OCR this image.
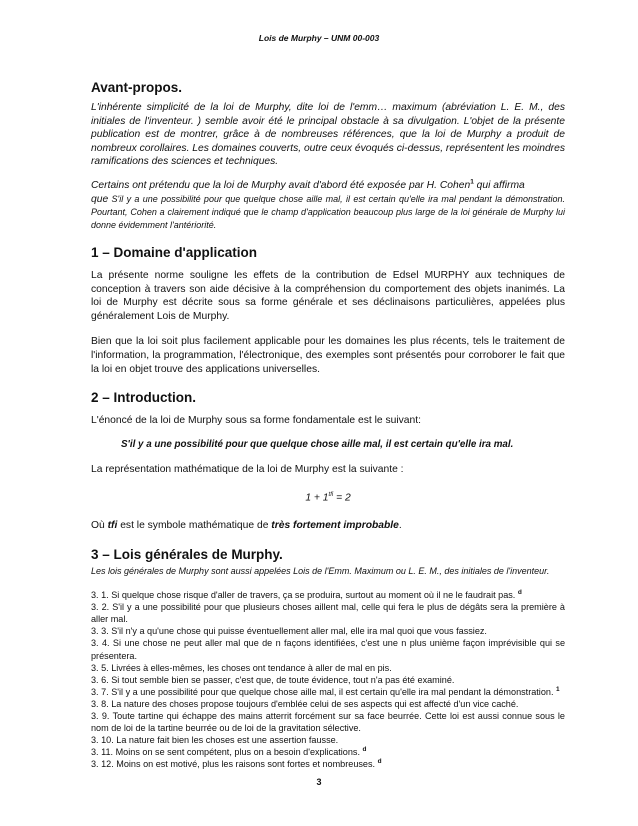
Lois de Murphy – UNM 00-003
Avant-propos.

L'inhérente simplicité de la loi de Murphy, dite loi de l'emm… maximum (abréviation L. E. M., des initiales de l'inventeur. ) semble avoir été le principal obstacle à sa divulgation. L'objet de la présente publication est de montrer, grâce à de nombreuses références, que la loi de Murphy a produit de nombreux corollaires. Les domaines couverts, outre ceux évoqués ci-dessus, représentent les moindres ramifications des sciences et techniques.

Certains ont prétendu que la loi de Murphy avait d'abord été exposée par H. Cohen$^1$ qui affirma

que S'il y a une possibilité pour que quelque chose aille mal, il est certain qu'elle ira mal pendant la démonstration. Pourtant, Cohen a clairement indiqué que le champ d'application beaucoup plus large de la loi générale de Murphy lui donne évidemment l'antériorité.

1 – Domaine d'application

La présente norme souligne les effets de la contribution de Edsel MURPHY aux techniques de conception à travers son aide décisive à la compréhension du comportement des objets inanimés. La loi de Murphy est décrite sous sa forme générale et ses déclinaisons particulières, appelées plus généralement Lois de Murphy.

Bien que la loi soit plus facilement applicable pour les domaines les plus récents, tels le traitement de l'information, la programmation, l'électronique, des exemples sont présentés pour corroborer le fait que la loi en objet trouve des applications universelles.

2 – Introduction.

L'énoncé de la loi de Murphy sous sa forme fondamentale est le suivant:

S'il y a une possibilité pour que quelque chose aille mal, il est certain qu'elle ira mal.

La représentation mathématique de la loi de Murphy est la suivante :

$1 + 1^{tfi} = 2$

Où tfi est le symbole mathématique de très fortement improbable.

3 – Lois générales de Murphy.

Les lois générales de Murphy sont aussi appelées Lois de l'Emm. Maximum ou L. E. M., des initiales de l'inventeur.

3. 1. Si quelque chose risque d'aller de travers, ça se produira, surtout au moment où il ne le faudrait pas. $^d$

3. 2. S'il y a une possibilité pour que plusieurs choses aillent mal, celle qui fera le plus de dégâts sera la première à aller mal.

3. 3. S'il n'y a qu'une chose qui puisse éventuellement aller mal, elle ira mal quoi que vous fassiez.

3. 4. Si une chose ne peut aller mal que de n façons identifiées, c'est une n plus unième façon imprévisible qui se présentera.

3. 5. Livrées à elles-mêmes, les choses ont tendance à aller de mal en pis.

3. 6. Si tout semble bien se passer, c'est que, de toute évidence, tout n'a pas été examiné.

3. 7. S'il y a une possibilité pour que quelque chose aille mal, il est certain qu'elle ira mal pendant la démonstration. $^1$

3. 8. La nature des choses propose toujours d'emblée celui de ses aspects qui est affecté d'un vice caché.

3. 9. Toute tartine qui échappe des mains atterrit forcément sur sa face beurrée. Cette loi est aussi connue sous le nom de loi de la tartine beurrée ou de loi de la gravitation sélective.

3. 10. La nature fait bien les choses est une assertion fausse.

3. 11. Moins on se sent compétent, plus on a besoin d'explications. $^d$

3. 12. Moins on est motivé, plus les raisons sont fortes et nombreuses. $^d$

3
